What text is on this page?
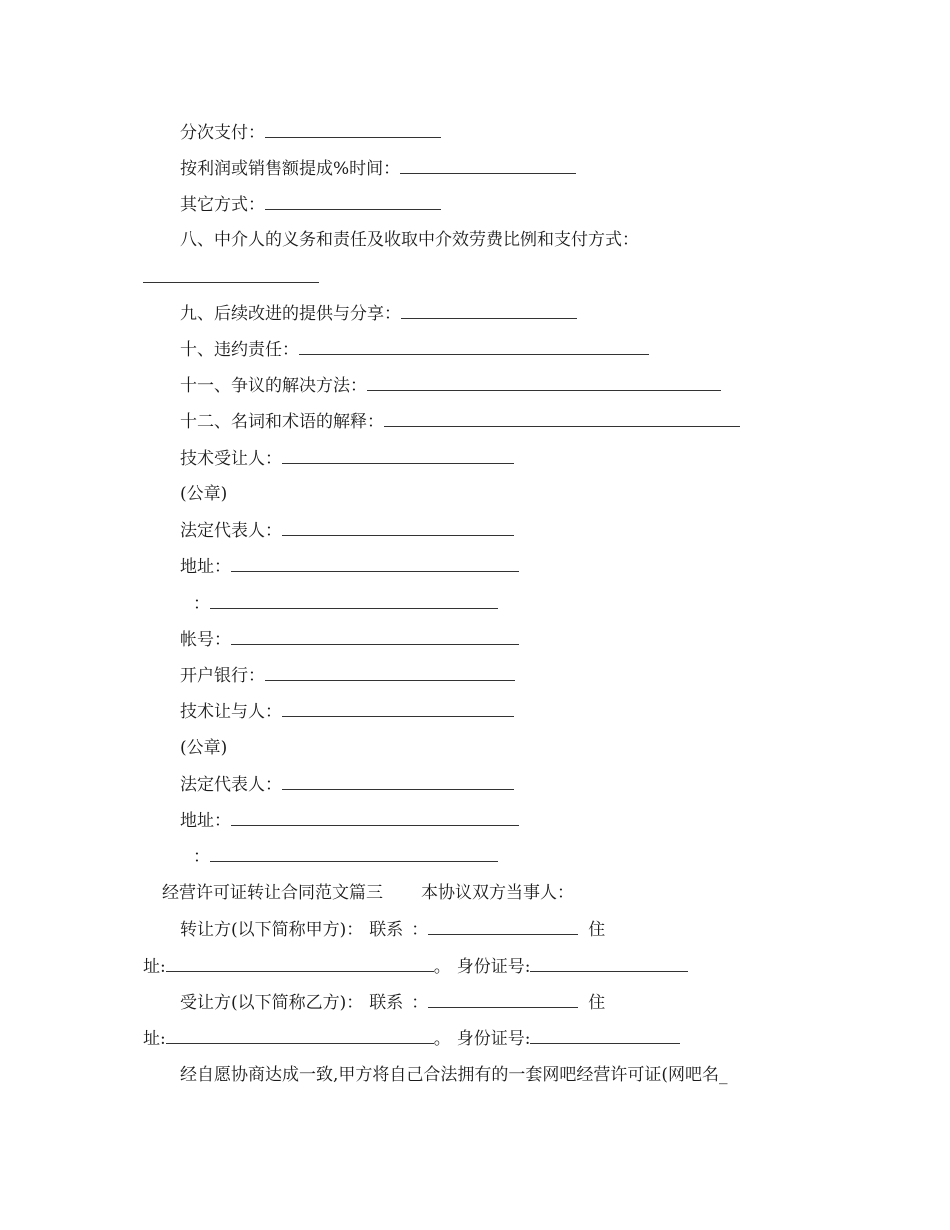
分次支付：
按利润或销售额提成%时间：
其它方式：
八、中介人的义务和责任及收取中介效劳费比例和支付方式：
九、后续改进的提供与分享：
十、违约责任：
十一、争议的解决方法：
十二、名词和术语的解释：
技术受让人：
(公章)
法定代表人：
地址：
：
帐号：
开户银行：
技术让与人：
(公章)
法定代表人：
地址：
：
经营许可证转让合同范文篇三 本协议双方当事人：
转让方(以下简称甲方)： 联系 ：	住
址:	。 身份证号:
受让方(以下简称乙方)： 联系 ：	住
址:	。 身份证号:
经自愿协商达成一致,甲方将自己合法拥有的一套网吧经营许可证(网吧名_
